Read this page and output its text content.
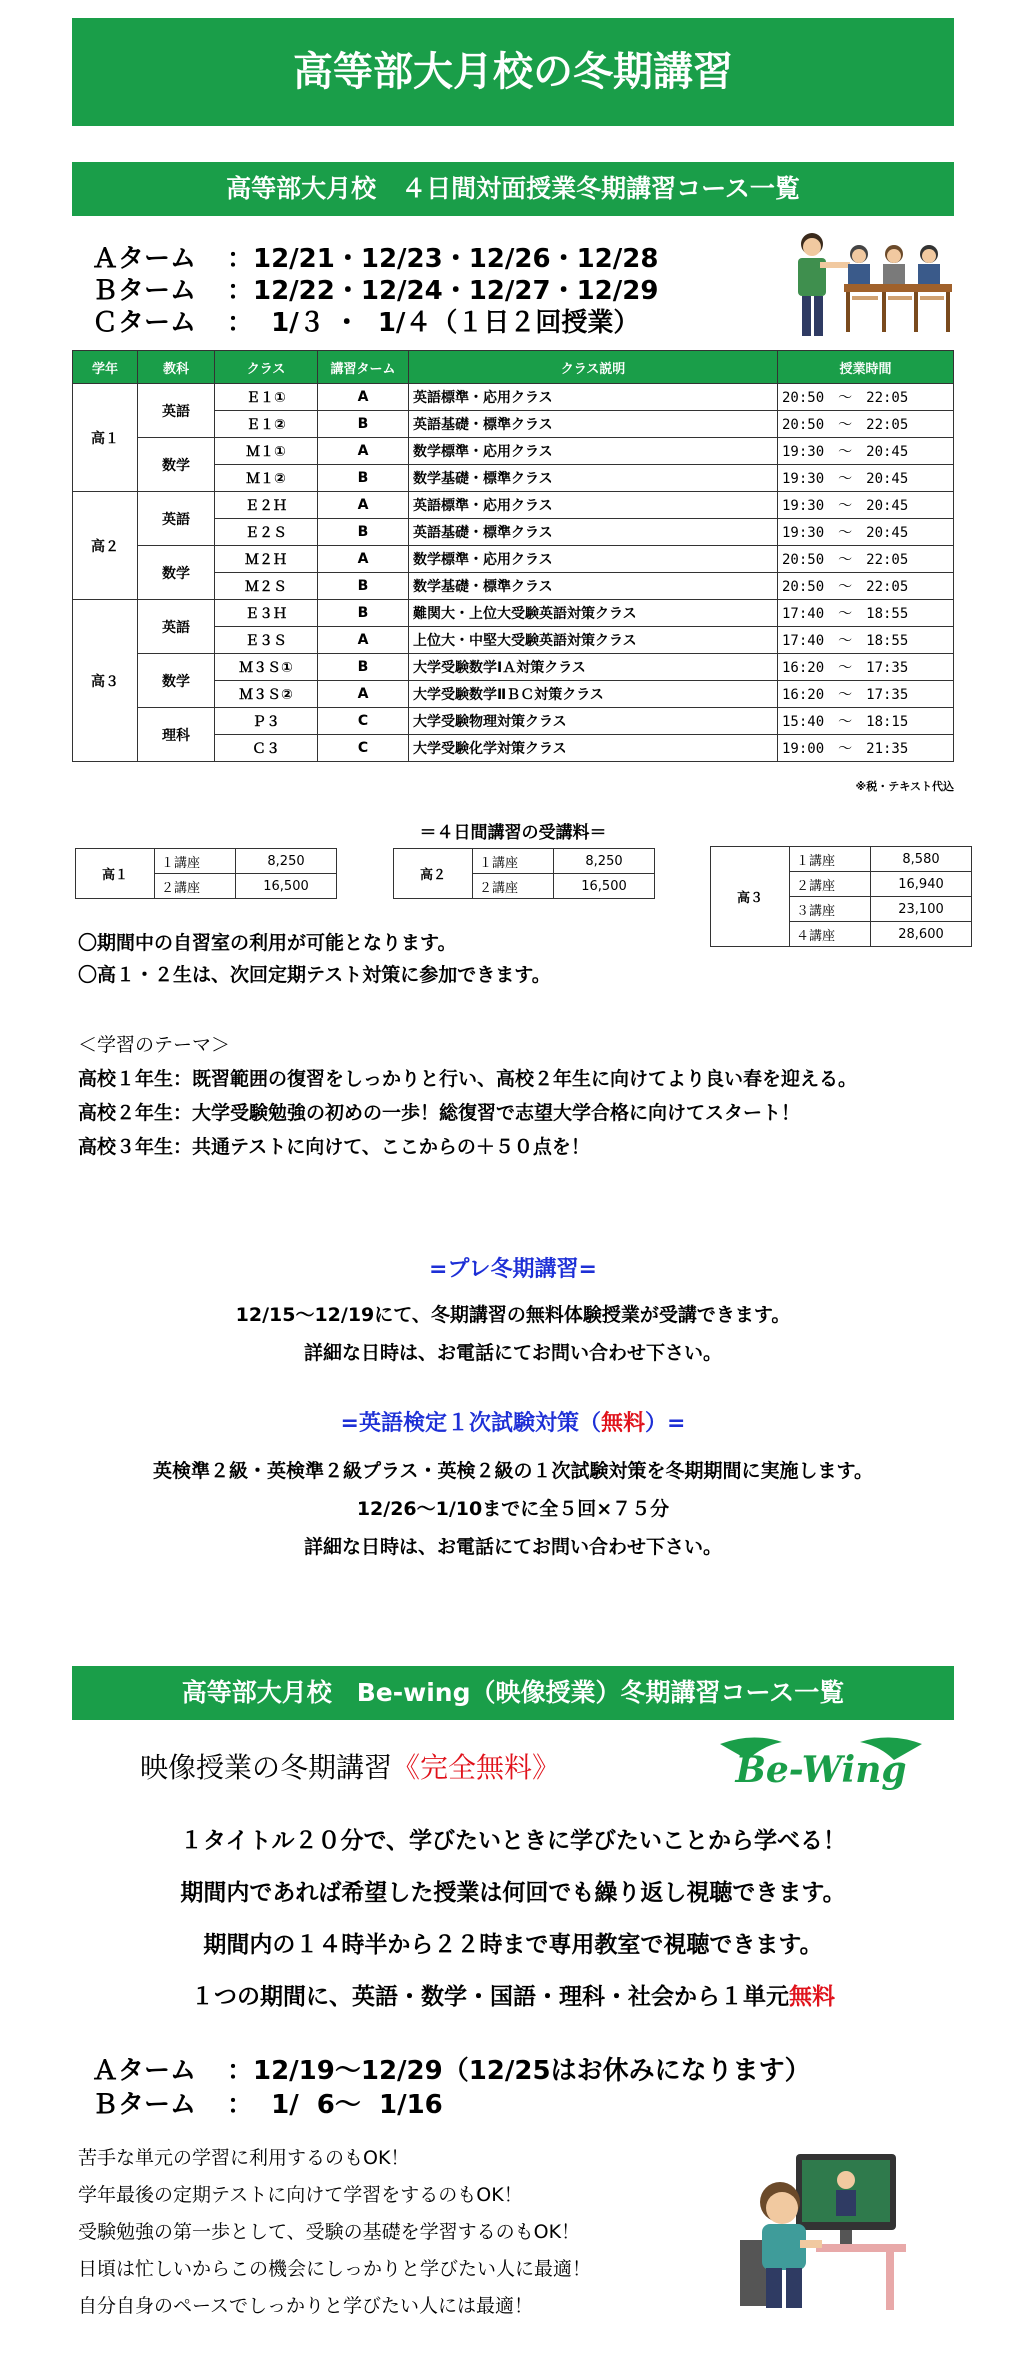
高等部大月校の冬期講習
高等部大月校　４日間対面授業冬期講習コース一覧
Ａターム ：12/21・12/23・12/26・12/28
Ｂターム ：12/22・12/24・12/27・12/29
Ｃターム ：  1/３ ・  1/４（１日２回授業）
学年	教科	クラス	講習ターム	クラス説明	授業時間
高１	英語	Ｅ１①	A	英語標準・応用クラス	20:50　～　22:05
		Ｅ１②	B	英語基礎・標準クラス	20:50　～　22:05
	数学	Ｍ１①	A	数学標準・応用クラス	19:30　～　20:45
		Ｍ１②	B	数学基礎・標準クラス	19:30　～　20:45
高２	英語	Ｅ２Ｈ	A	英語標準・応用クラス	19:30　～　20:45
		Ｅ２Ｓ	B	英語基礎・標準クラス	19:30　～　20:45
	数学	Ｍ２Ｈ	A	数学標準・応用クラス	20:50　～　22:05
		Ｍ２Ｓ	B	数学基礎・標準クラス	20:50　～　22:05
高３	英語	Ｅ３Ｈ	B	難関大・上位大受験英語対策クラス	17:40　～　18:55
		Ｅ３Ｓ	A	上位大・中堅大受験英語対策クラス	17:40　～　18:55
	数学	Ｍ３Ｓ①	B	大学受験数学ⅠＡ対策クラス	16:20　～　17:35
		Ｍ３Ｓ②	A	大学受験数学ⅡＢＣ対策クラス	16:20　～　17:35
	理科	Ｐ３	C	大学受験物理対策クラス	15:40　～　18:15
		Ｃ３	C	大学受験化学対策クラス	19:00　～　21:35
※税・テキスト代込
＝４日間講習の受講料＝
高１	１講座	8,250
	２講座	16,500
高２	１講座	8,250
	２講座	16,500
高３	１講座	8,580
	２講座	16,940
	３講座	23,100
	４講座	28,600
〇期間中の自習室の利用が可能となります。
〇高１・２生は、次回定期テスト対策に参加できます。
＜学習のテーマ＞
高校１年生：既習範囲の復習をしっかりと行い、高校２年生に向けてより良い春を迎える。
高校２年生：大学受験勉強の初めの一歩！総復習で志望大学合格に向けてスタート！
高校３年生：共通テストに向けて、ここからの＋５０点を！
=プレ冬期講習=
12/15～12/19にて、冬期講習の無料体験授業が受講できます。
詳細な日時は、お電話にてお問い合わせ下さい。
=英語検定１次試験対策（無料）=
英検準２級・英検準２級プラス・英検２級の１次試験対策を冬期期間に実施します。
12/26～1/10までに全５回×７５分
詳細な日時は、お電話にてお問い合わせ下さい。
高等部大月校　Be-wing（映像授業）冬期講習コース一覧
映像授業の冬期講習《完全無料》	Be-Wing
１タイトル２０分で、学びたいときに学びたいことから学べる！
期間内であれば希望した授業は何回でも繰り返し視聴できます。
期間内の１４時半から２２時まで専用教室で視聴できます。
１つの期間に、英語・数学・国語・理科・社会から１単元無料
Ａターム ：12/19～12/29（12/25はお休みになります）
Ｂターム ：  1/  6～  1/16
苦手な単元の学習に利用するのもOK！
学年最後の定期テストに向けて学習をするのもOK！
受験勉強の第一歩として、受験の基礎を学習するのもOK！
日頃は忙しいからこの機会にしっかりと学びたい人に最適！
自分自身のペースでしっかりと学びたい人には最適！
